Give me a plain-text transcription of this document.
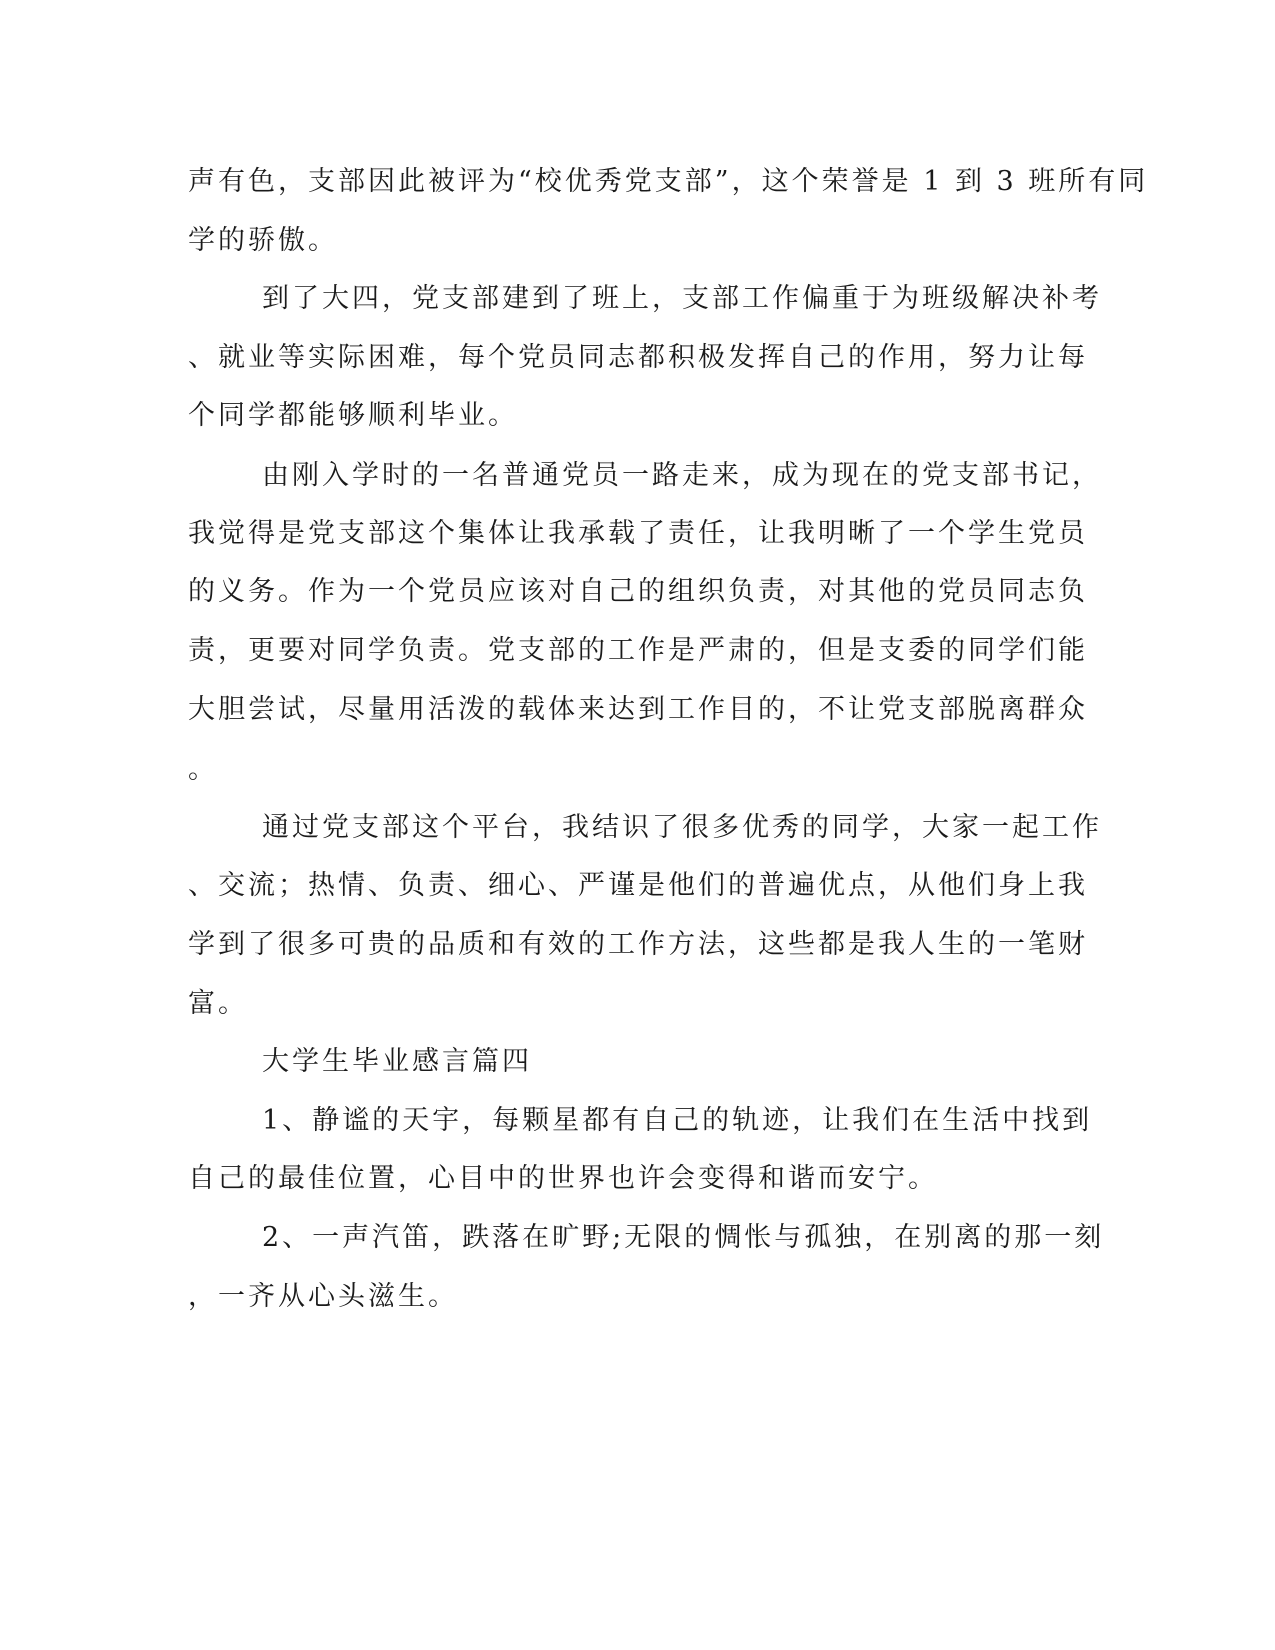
声有色，支部因此被评为“校优秀党支部”，这个荣誉是 1 到 3 班所有同
学的骄傲。
到了大四，党支部建到了班上，支部工作偏重于为班级解决补考
、就业等实际困难，每个党员同志都积极发挥自己的作用，努力让每
个同学都能够顺利毕业。
由刚入学时的一名普通党员一路走来，成为现在的党支部书记，
我觉得是党支部这个集体让我承载了责任，让我明晰了一个学生党员
的义务。作为一个党员应该对自己的组织负责，对其他的党员同志负
责，更要对同学负责。党支部的工作是严肃的，但是支委的同学们能
大胆尝试，尽量用活泼的载体来达到工作目的，不让党支部脱离群众
。
通过党支部这个平台，我结识了很多优秀的同学，大家一起工作
、交流；热情、负责、细心、严谨是他们的普遍优点，从他们身上我
学到了很多可贵的品质和有效的工作方法，这些都是我人生的一笔财
富。
大学生毕业感言篇四
1、静谧的天宇，每颗星都有自己的轨迹，让我们在生活中找到
自己的最佳位置，心目中的世界也许会变得和谐而安宁。
2、一声汽笛，跌落在旷野;无限的惆怅与孤独，在别离的那一刻
，一齐从心头滋生。
